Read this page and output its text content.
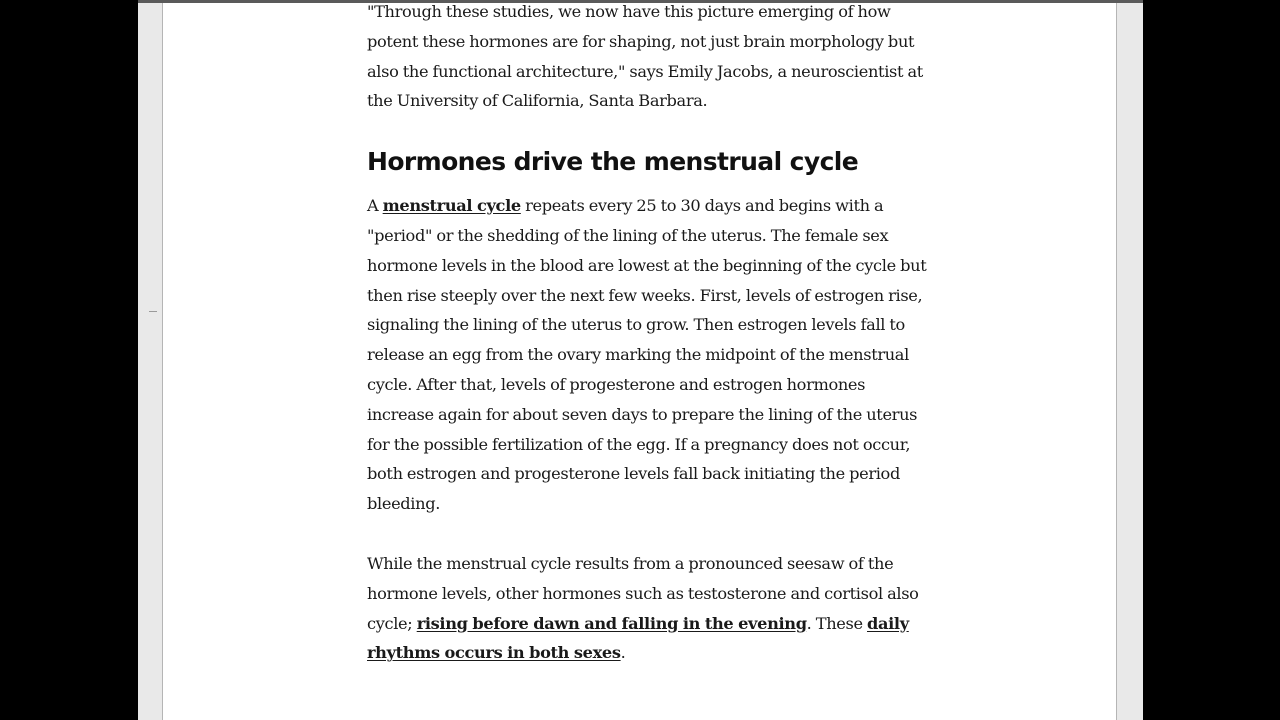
"Through these studies, we now have this picture emerging of how potent these hormones are for shaping, not just brain morphology but also the functional architecture," says Emily Jacobs, a neuroscientist at the University of California, Santa Barbara.

Hormones drive the menstrual cycle

A menstrual cycle repeats every 25 to 30 days and begins with a "period" or the shedding of the lining of the uterus. The female sex hormone levels in the blood are lowest at the beginning of the cycle but then rise steeply over the next few weeks. First, levels of estrogen rise, signaling the lining of the uterus to grow. Then estrogen levels fall to release an egg from the ovary marking the midpoint of the menstrual cycle. After that, levels of progesterone and estrogen hormones increase again for about seven days to prepare the lining of the uterus for the possible fertilization of the egg. If a pregnancy does not occur, both estrogen and progesterone levels fall back initiating the period bleeding.

While the menstrual cycle results from a pronounced seesaw of the hormone levels, other hormones such as testosterone and cortisol also cycle; rising before dawn and falling in the evening. These daily rhythms occurs in both sexes.
